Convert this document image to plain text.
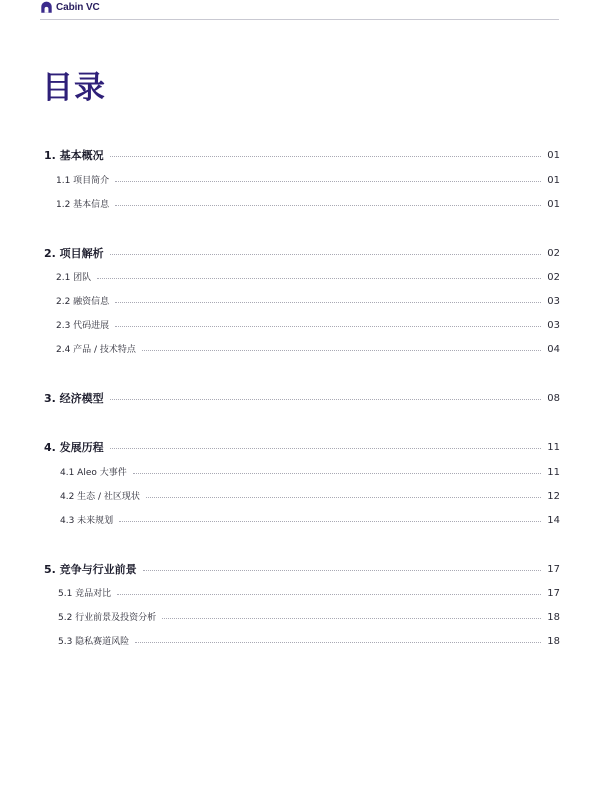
Cabin VC
目录
1. 基本概况	01
1.1 项目简介	01
1.2 基本信息	01
2. 项目解析	02
2.1 团队	02
2.2 融资信息	03
2.3 代码进展	03
2.4 产品 / 技术特点	04
3. 经济模型	08
4. 发展历程	11
4.1 Aleo 大事件	11
4.2 生态 / 社区现状	12
4.3 未来规划	14
5. 竞争与行业前景	17
5.1 竞品对比	17
5.2 行业前景及投资分析	18
5.3 隐私赛道风险	18
